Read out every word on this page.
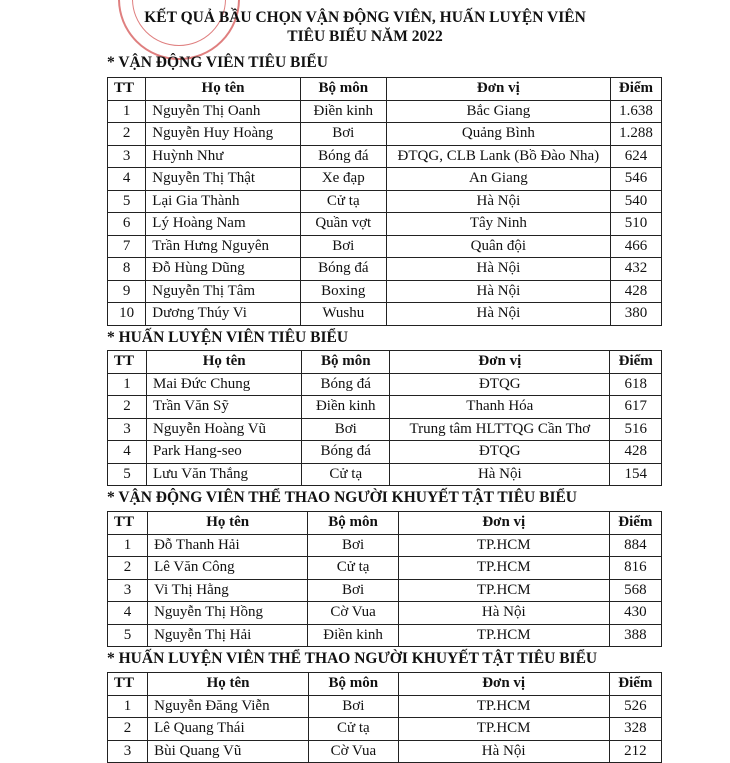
KẾT QUẢ BẦU CHỌN VẬN ĐỘNG VIÊN, HUẤN LUYỆN VIÊN
TIÊU BIỂU NĂM 2022
* VẬN ĐỘNG VIÊN TIÊU BIỂU
TT	Họ tên	Bộ môn	Đơn vị	Điểm
1	Nguyễn Thị Oanh	Điền kinh	Bắc Giang	1.638
2	Nguyễn Huy Hoàng	Bơi	Quảng Bình	1.288
3	Huỳnh Như	Bóng đá	ĐTQG, CLB Lank (Bồ Đào Nha)	624
4	Nguyễn Thị Thật	Xe đạp	An Giang	546
5	Lại Gia Thành	Cử tạ	Hà Nội	540
6	Lý Hoàng Nam	Quần vợt	Tây Ninh	510
7	Trần Hưng Nguyên	Bơi	Quân đội	466
8	Đỗ Hùng Dũng	Bóng đá	Hà Nội	432
9	Nguyễn Thị Tâm	Boxing	Hà Nội	428
10	Dương Thúy Vi	Wushu	Hà Nội	380
* HUẤN LUYỆN VIÊN TIÊU BIỂU
TT	Họ tên	Bộ môn	Đơn vị	Điểm
1	Mai Đức Chung	Bóng đá	ĐTQG	618
2	Trần Văn Sỹ	Điền kinh	Thanh Hóa	617
3	Nguyễn Hoàng Vũ	Bơi	Trung tâm HLTTQG Cần Thơ	516
4	Park Hang-seo	Bóng đá	ĐTQG	428
5	Lưu Văn Thắng	Cử tạ	Hà Nội	154
* VẬN ĐỘNG VIÊN THỂ THAO NGƯỜI KHUYẾT TẬT TIÊU BIỂU
TT	Họ tên	Bộ môn	Đơn vị	Điểm
1	Đỗ Thanh Hải	Bơi	TP.HCM	884
2	Lê Văn Công	Cử tạ	TP.HCM	816
3	Vi Thị Hằng	Bơi	TP.HCM	568
4	Nguyễn Thị Hồng	Cờ Vua	Hà Nội	430
5	Nguyễn Thị Hải	Điền kinh	TP.HCM	388
* HUẤN LUYỆN VIÊN THỂ THAO NGƯỜI KHUYẾT TẬT TIÊU BIỂU
TT	Họ tên	Bộ môn	Đơn vị	Điểm
1	Nguyễn Đăng Viễn	Bơi	TP.HCM	526
2	Lê Quang Thái	Cử tạ	TP.HCM	328
3	Bùi Quang Vũ	Cờ Vua	Hà Nội	212
